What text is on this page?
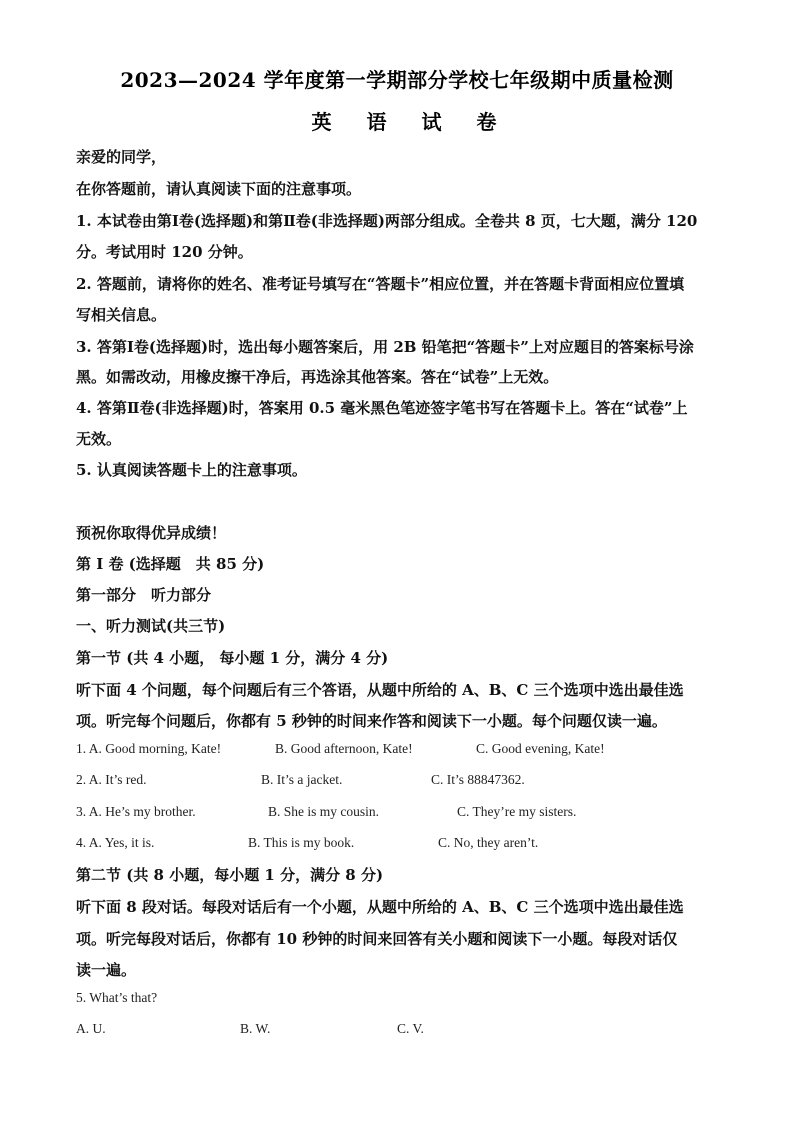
2023—2024 学年度第一学期部分学校七年级期中质量检测
英 语 试 卷
亲爱的同学，
在你答题前，请认真阅读下面的注意事项。
1. 本试卷由第Ⅰ卷(选择题)和第Ⅱ卷(非选择题)两部分组成。全卷共 8 页，七大题，满分 120
分。考试用时 120 分钟。
2. 答题前，请将你的姓名、准考证号填写在“答题卡”相应位置，并在答题卡背面相应位置填
写相关信息。
3. 答第Ⅰ卷(选择题)时，选出每小题答案后，用 2B 铅笔把“答题卡”上对应题目的答案标号涂
黑。如需改动，用橡皮擦干净后，再选涂其他答案。答在“试卷”上无效。
4. 答第Ⅱ卷(非选择题)时，答案用 0.5 毫米黑色笔迹签字笔书写在答题卡上。答在“试卷”上
无效。
5. 认真阅读答题卡上的注意事项。
预祝你取得优异成绩！
第 Ⅰ 卷 (选择题　共 85 分)
第一部分　听力部分
一、听力测试(共三节)
第一节 (共 4 小题， 每小题 1 分，满分 4 分)
听下面 4 个问题，每个问题后有三个答语，从题中所给的 A、B、C 三个选项中选出最佳选
项。听完每个问题后，你都有 5 秒钟的时间来作答和阅读下一小题。每个问题仅读一遍。
1. A. Good morning, Kate!	B. Good afternoon, Kate!	C. Good evening, Kate!
2. A. It’s red.	B. It’s a jacket.	C. It’s 88847362.
3. A. He’s my brother.	B. She is my cousin.	C. They’re my sisters.
4. A. Yes, it is.	B. This is my book.	C. No, they aren’t.
第二节 (共 8 小题，每小题 1 分，满分 8 分)
听下面 8 段对话。每段对话后有一个小题，从题中所给的 A、B、C 三个选项中选出最佳选
项。听完每段对话后，你都有 10 秒钟的时间来回答有关小题和阅读下一小题。每段对话仅
读一遍。
5. What’s that?
A. U.	B. W.	C. V.
